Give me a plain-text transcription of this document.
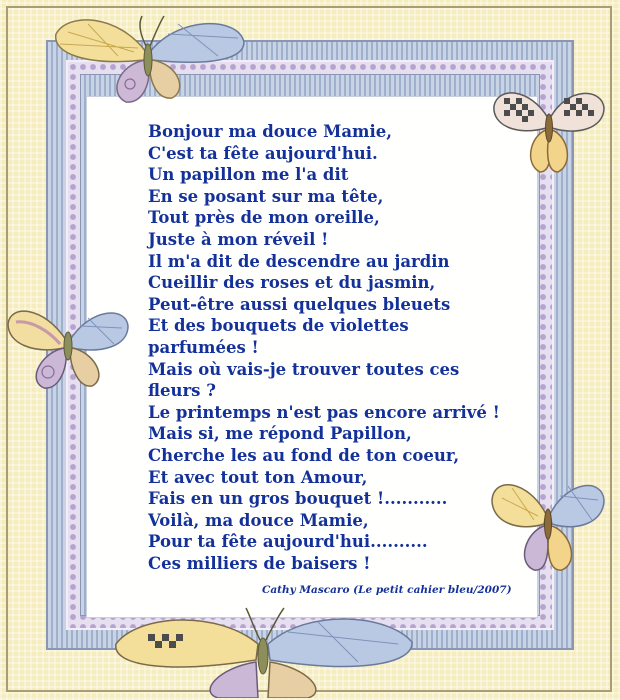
Bonjour ma douce Mamie,
C'est ta fête aujourd'hui.
Un papillon me l'a dit
En se posant sur ma tête,
Tout près de mon oreille,
Juste à mon réveil !
Il m'a dit de descendre au jardin
Cueillir des roses et du jasmin,
Peut-être aussi quelques bleuets
Et des bouquets de violettes
parfumées !
Mais où vais-je trouver toutes ces
fleurs ?
Le printemps n'est pas encore arrivé !
Mais si, me répond Papillon,
Cherche les au fond de ton coeur,
Et avec tout ton Amour,
Fais en un gros bouquet !...........
Voilà, ma douce Mamie,
Pour ta fête aujourd'hui..........
Ces milliers de baisers !
Cathy Mascaro (Le petit cahier bleu/2007)
